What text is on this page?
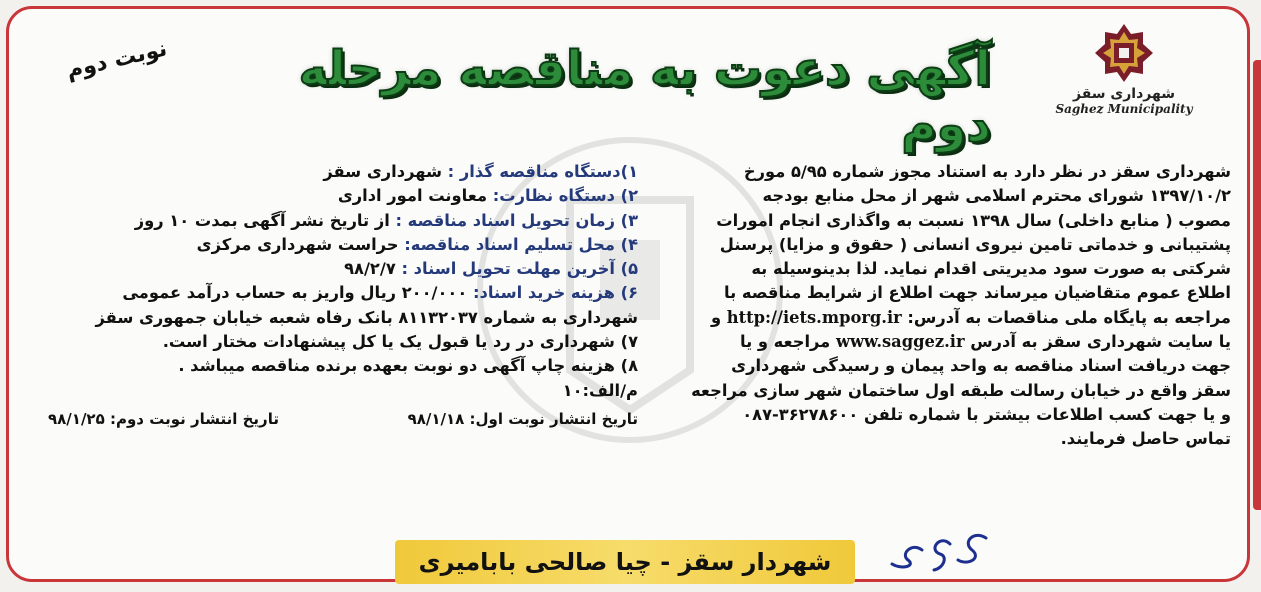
شهرداری سقز
Saghez Municipality
آگهی دعوت به مناقصه مرحله دوم
نوبت دوم

شهرداری سقز در نظر دارد به استناد مجوز شماره ۵/۹۵ مورخ

۱۳۹۷/۱۰/۲ شورای محترم اسلامی شهر از محل منابع بودجه

مصوب ( منابع داخلی) سال ۱۳۹۸ نسبت به واگذاری انجام امورات

پشتیبانی و خدماتی تامین نیروی انسانی ( حقوق و مزایا) پرسنل

شرکتی به صورت سود مدیریتی اقدام نماید. لذا بدینوسیله به

اطلاع عموم متقاضیان میرساند جهت اطلاع از شرایط مناقصه با

مراجعه به پایگاه ملی مناقصات به آدرس: http://iets.mporg.ir و

یا سایت شهرداری سقز به آدرس www.saggez.ir مراجعه و یا

جهت دریافت اسناد مناقصه به واحد پیمان و رسیدگی شهرداری

سقز واقع در خیابان رسالت طبقه اول ساختمان شهر سازی مراجعه

و یا جهت کسب اطلاعات بیشتر با شماره تلفن ۳۶۲۷۸۶۰۰-۰۸۷

تماس حاصل فرمایند.

۱)دستگاه مناقصه گذار : شهرداری سقز

۲) دستگاه نظارت: معاونت امور اداری

۳) زمان تحویل اسناد مناقصه : از تاریخ نشر آگهی بمدت ۱۰ روز

۴) محل تسلیم اسناد مناقصه: حراست شهرداری مرکزی

۵) آخرین مهلت تحویل اسناد : ۹۸/۲/۷

۶) هزینه خرید اسناد: ۲۰۰/۰۰۰ ریال واریز به حساب درآمد عمومی شهرداری به شماره ۸۱۱۳۲۰۳۷ بانک رفاه شعبه خیابان جمهوری سقز

۷) شهرداری در رد یا قبول یک یا کل پیشنهادات مختار است.

۸) هزینه چاپ آگهی دو نوبت بعهده برنده مناقصه میباشد .

م/الف:۱۰

تاریخ انتشار نوبت اول: ۹۸/۱/۱۸
تاریخ انتشار نوبت دوم: ۹۸/۱/۲۵
شهردار سقز - چیا صالحی بابامیری
